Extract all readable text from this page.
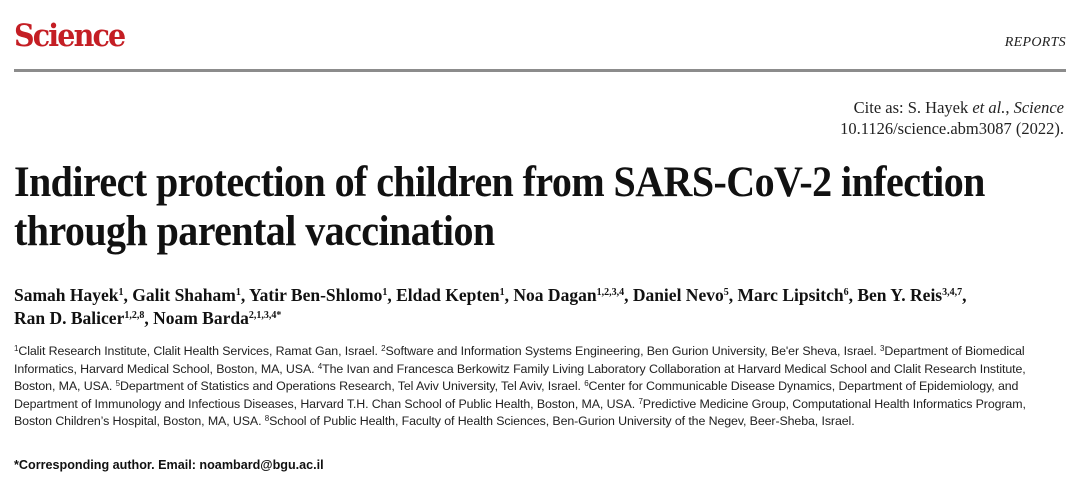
Science	REPORTS
Cite as: S. Hayek et al., Science
10.1126/science.abm3087 (2022).
Indirect protection of children from SARS-CoV-2 infection
through parental vaccination
Samah Hayek$^1$, Galit Shaham$^1$, Yatir Ben-Shlomo$^1$, Eldad Kepten$^1$, Noa Dagan$^{1,2,3,4}$, Daniel Nevo$^5$, Marc Lipsitch$^6$, Ben Y. Reis$^{3,4,7}$, Ran D. Balicer$^{1,2,8}$, Noam Barda$^{2,1,3,4*}$
$^1$Clalit Research Institute, Clalit Health Services, Ramat Gan, Israel. $^2$Software and Information Systems Engineering, Ben Gurion University, Be'er Sheva, Israel. $^3$Department of Biomedical Informatics, Harvard Medical School, Boston, MA, USA. $^4$The Ivan and Francesca Berkowitz Family Living Laboratory Collaboration at Harvard Medical School and Clalit Research Institute, Boston, MA, USA. $^5$Department of Statistics and Operations Research, Tel Aviv University, Tel Aviv, Israel. $^6$Center for Communicable Disease Dynamics, Department of Epidemiology, and Department of Immunology and Infectious Diseases, Harvard T.H. Chan School of Public Health, Boston, MA, USA. $^7$Predictive Medicine Group, Computational Health Informatics Program, Boston Children’s Hospital, Boston, MA, USA. $^8$School of Public Health, Faculty of Health Sciences, Ben-Gurion University of the Negev, Beer-Sheba, Israel.
*Corresponding author. Email: noambard@bgu.ac.il
